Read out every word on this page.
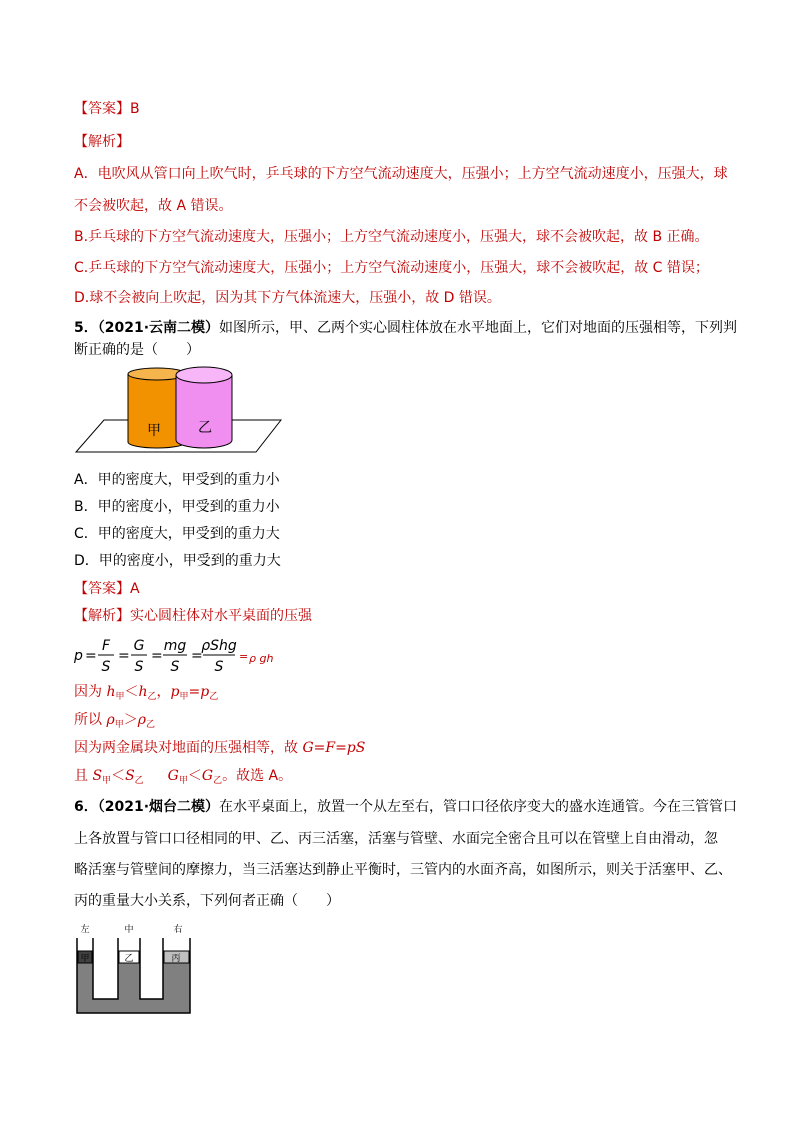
【答案】B
【解析】
A．电吹风从管口向上吹气时，乒乓球的下方空气流动速度大，压强小；上方空气流动速度小，压强大，球
不会被吹起，故 A 错误。
B.乒乓球的下方空气流动速度大，压强小；上方空气流动速度小，压强大，球不会被吹起，故 B 正确。
C.乒乓球的下方空气流动速度大，压强小；上方空气流动速度小，压强大，球不会被吹起，故 C 错误；
D.球不会被向上吹起，因为其下方气体流速大，压强小，故 D 错误。
5．（2021·云南二模）如图所示，甲、乙两个实心圆柱体放在水平地面上，它们对地面的压强相等，下列判
断正确的是（　　）
甲	乙
A．甲的密度大，甲受到的重力小
B．甲的密度小，甲受到的重力小
C．甲的密度大，甲受到的重力大
D．甲的密度小，甲受到的重力大
【答案】A
【解析】实心圆柱体对水平桌面的压强
p =
F
S
=
G
S
=
mg
S
=
ρShg
S
= ρ gh
因为 $h_甲<h_乙$，$p_甲=p_乙$
所以 $\rho_甲>\rho_乙$
因为两金属块对地面的压强相等，故 G=F=pS
且 $S_甲<S_乙$ $G_甲<G_乙$。故选 A。
6．（2021·烟台二模）在水平桌面上，放置一个从左至右，管口口径依序变大的盛水连通管。今在三管管口
上各放置与管口口径相同的甲、乙、丙三活塞，活塞与管壁、水面完全密合且可以在管壁上自由滑动，忽
略活塞与管壁间的摩擦力，当三活塞达到静止平衡时，三管内的水面齐高，如图所示，则关于活塞甲、乙、
丙的重量大小关系，下列何者正确（　　）
左	中	右
甲	乙	丙
